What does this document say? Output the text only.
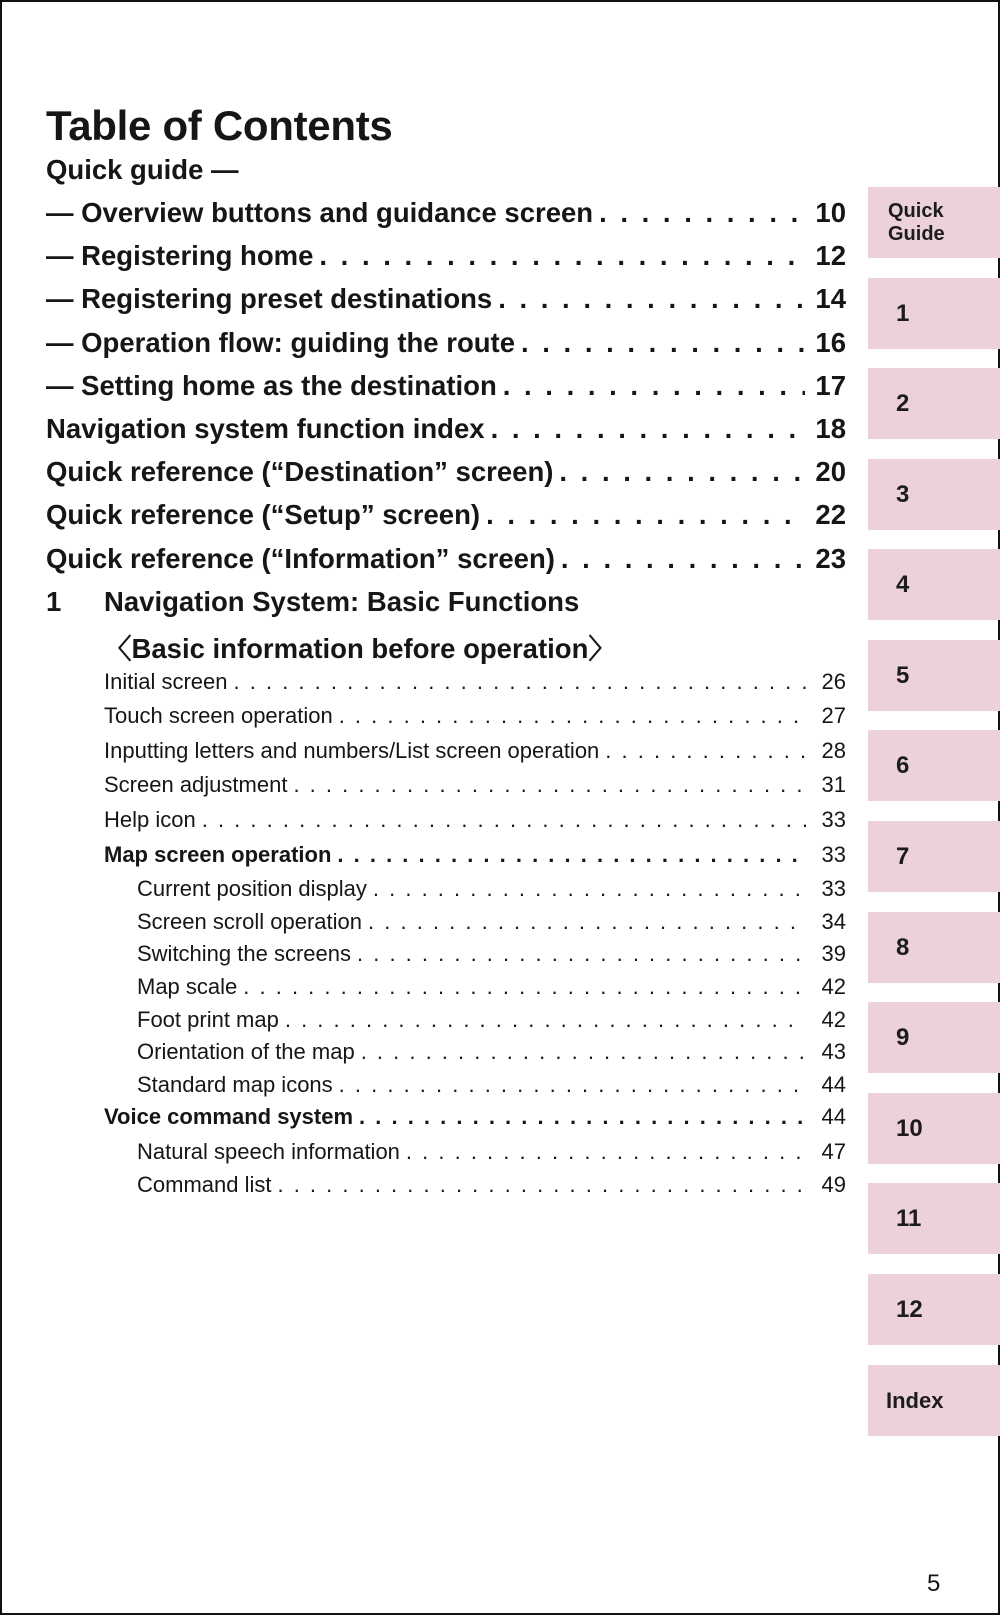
Table of Contents
Quick guide —
— Overview buttons and guidance screen . . .	10
— Registering home . . .	12
— Registering preset destinations . . .	14
— Operation flow: guiding the route . . .	16
— Setting home as the destination . . .	17
Navigation system function index . . .	18
Quick reference (“Destination” screen) . . .	20
Quick reference (“Setup” screen) . . .	22
Quick reference (“Information” screen) . . .	23
1	Navigation System: Basic Functions
〈Basic information before operation〉
Initial screen . . .	26
Touch screen operation . . .	27
Inputting letters and numbers/List screen operation . . .	28
Screen adjustment . . .	31
Help icon . . .	33
Map screen operation . . .	33
Current position display . . .	33
Screen scroll operation . . .	34
Switching the screens . . .	39
Map scale . . .	42
Foot print map . . .	42
Orientation of the map . . .	43
Standard map icons . . .	44
Voice command system . . .	44
Natural speech information . . .	47
Command list . . .	49
Quick
Guide
1
2
3
4
5
6
7
8
9
10
11
12
Index
5
